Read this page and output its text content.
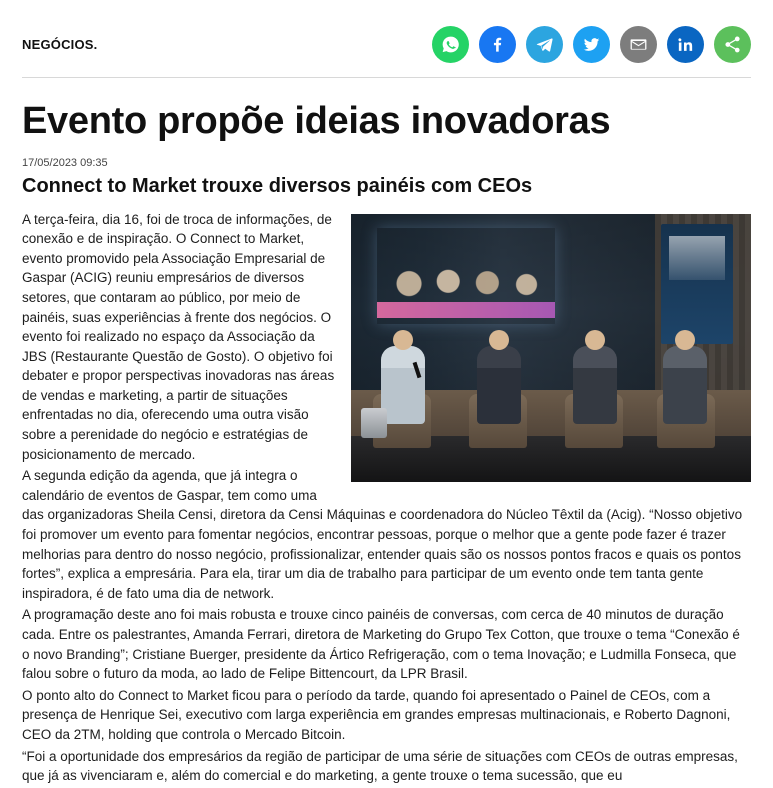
NEGÓCIOS.
Evento propõe ideias inovadoras
17/05/2023 09:35
Connect to Market trouxe diversos painéis com CEOs

A terça-feira, dia 16, foi de troca de informações, de conexão e de inspiração. O Connect to Market, evento promovido pela Associação Empresarial de Gaspar (ACIG) reuniu empresários de diversos setores, que contaram ao público, por meio de painéis, suas experiências à frente dos negócios. O evento foi realizado no espaço da Associação da JBS (Restaurante Questão de Gosto). O objetivo foi debater e propor perspectivas inovadoras nas áreas de vendas e marketing, a partir de situações enfrentadas no dia, oferecendo uma outra visão sobre a perenidade do negócio e estratégias de posicionamento de mercado.

A segunda edição da agenda, que já integra o calendário de eventos de Gaspar, tem como uma das organizadoras Sheila Censi, diretora da Censi Máquinas e coordenadora do Núcleo Têxtil da (Acig). “Nosso objetivo foi promover um evento para fomentar negócios, encontrar pessoas, porque o melhor que a gente pode fazer é trazer melhorias para dentro do nosso negócio, profissionalizar, entender quais são os nossos pontos fracos e quais os pontos fortes”, explica a empresária. Para ela, tirar um dia de trabalho para participar de um evento onde tem tanta gente inspiradora, é de fato uma dia de network.

A programação deste ano foi mais robusta e trouxe cinco painéis de conversas, com cerca de 40 minutos de duração cada. Entre os palestrantes, Amanda Ferrari, diretora de Marketing do Grupo Tex Cotton, que trouxe o tema “Conexão é o novo Branding”; Cristiane Buerger, presidente da Ártico Refrigeração, com o tema Inovação; e Ludmilla Fonseca, que falou sobre o futuro da moda, ao lado de Felipe Bittencourt, da LPR Brasil.

O ponto alto do Connect to Market ficou para o período da tarde, quando foi apresentado o Painel de CEOs, com a presença de Henrique Sei, executivo com larga experiência em grandes empresas multinacionais, e Roberto Dagnoni, CEO da 2TM, holding que controla o Mercado Bitcoin.

“Foi a oportunidade dos empresários da região de participar de uma série de situações com CEOs de outras empresas, que já as vivenciaram e, além do comercial e do marketing, a gente trouxe o tema sucessão, que eu
